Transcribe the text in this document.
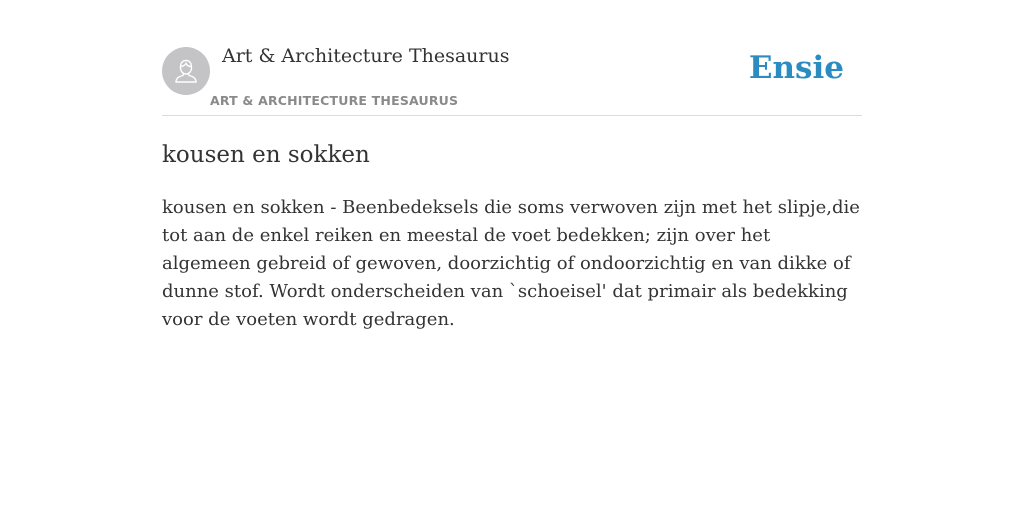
Art & Architecture Thesaurus
ART & ARCHITECTURE THESAURUS
Ensie
kousen en sokken

kousen en sokken - Beenbedeksels die soms verwoven zijn met het slipje,die tot aan de enkel reiken en meestal de voet bedekken; zijn over het algemeen gebreid of gewoven, doorzichtig of ondoorzichtig en van dikke of dunne stof. Wordt onderscheiden van `schoeisel' dat primair als bedekking voor de voeten wordt gedragen.
